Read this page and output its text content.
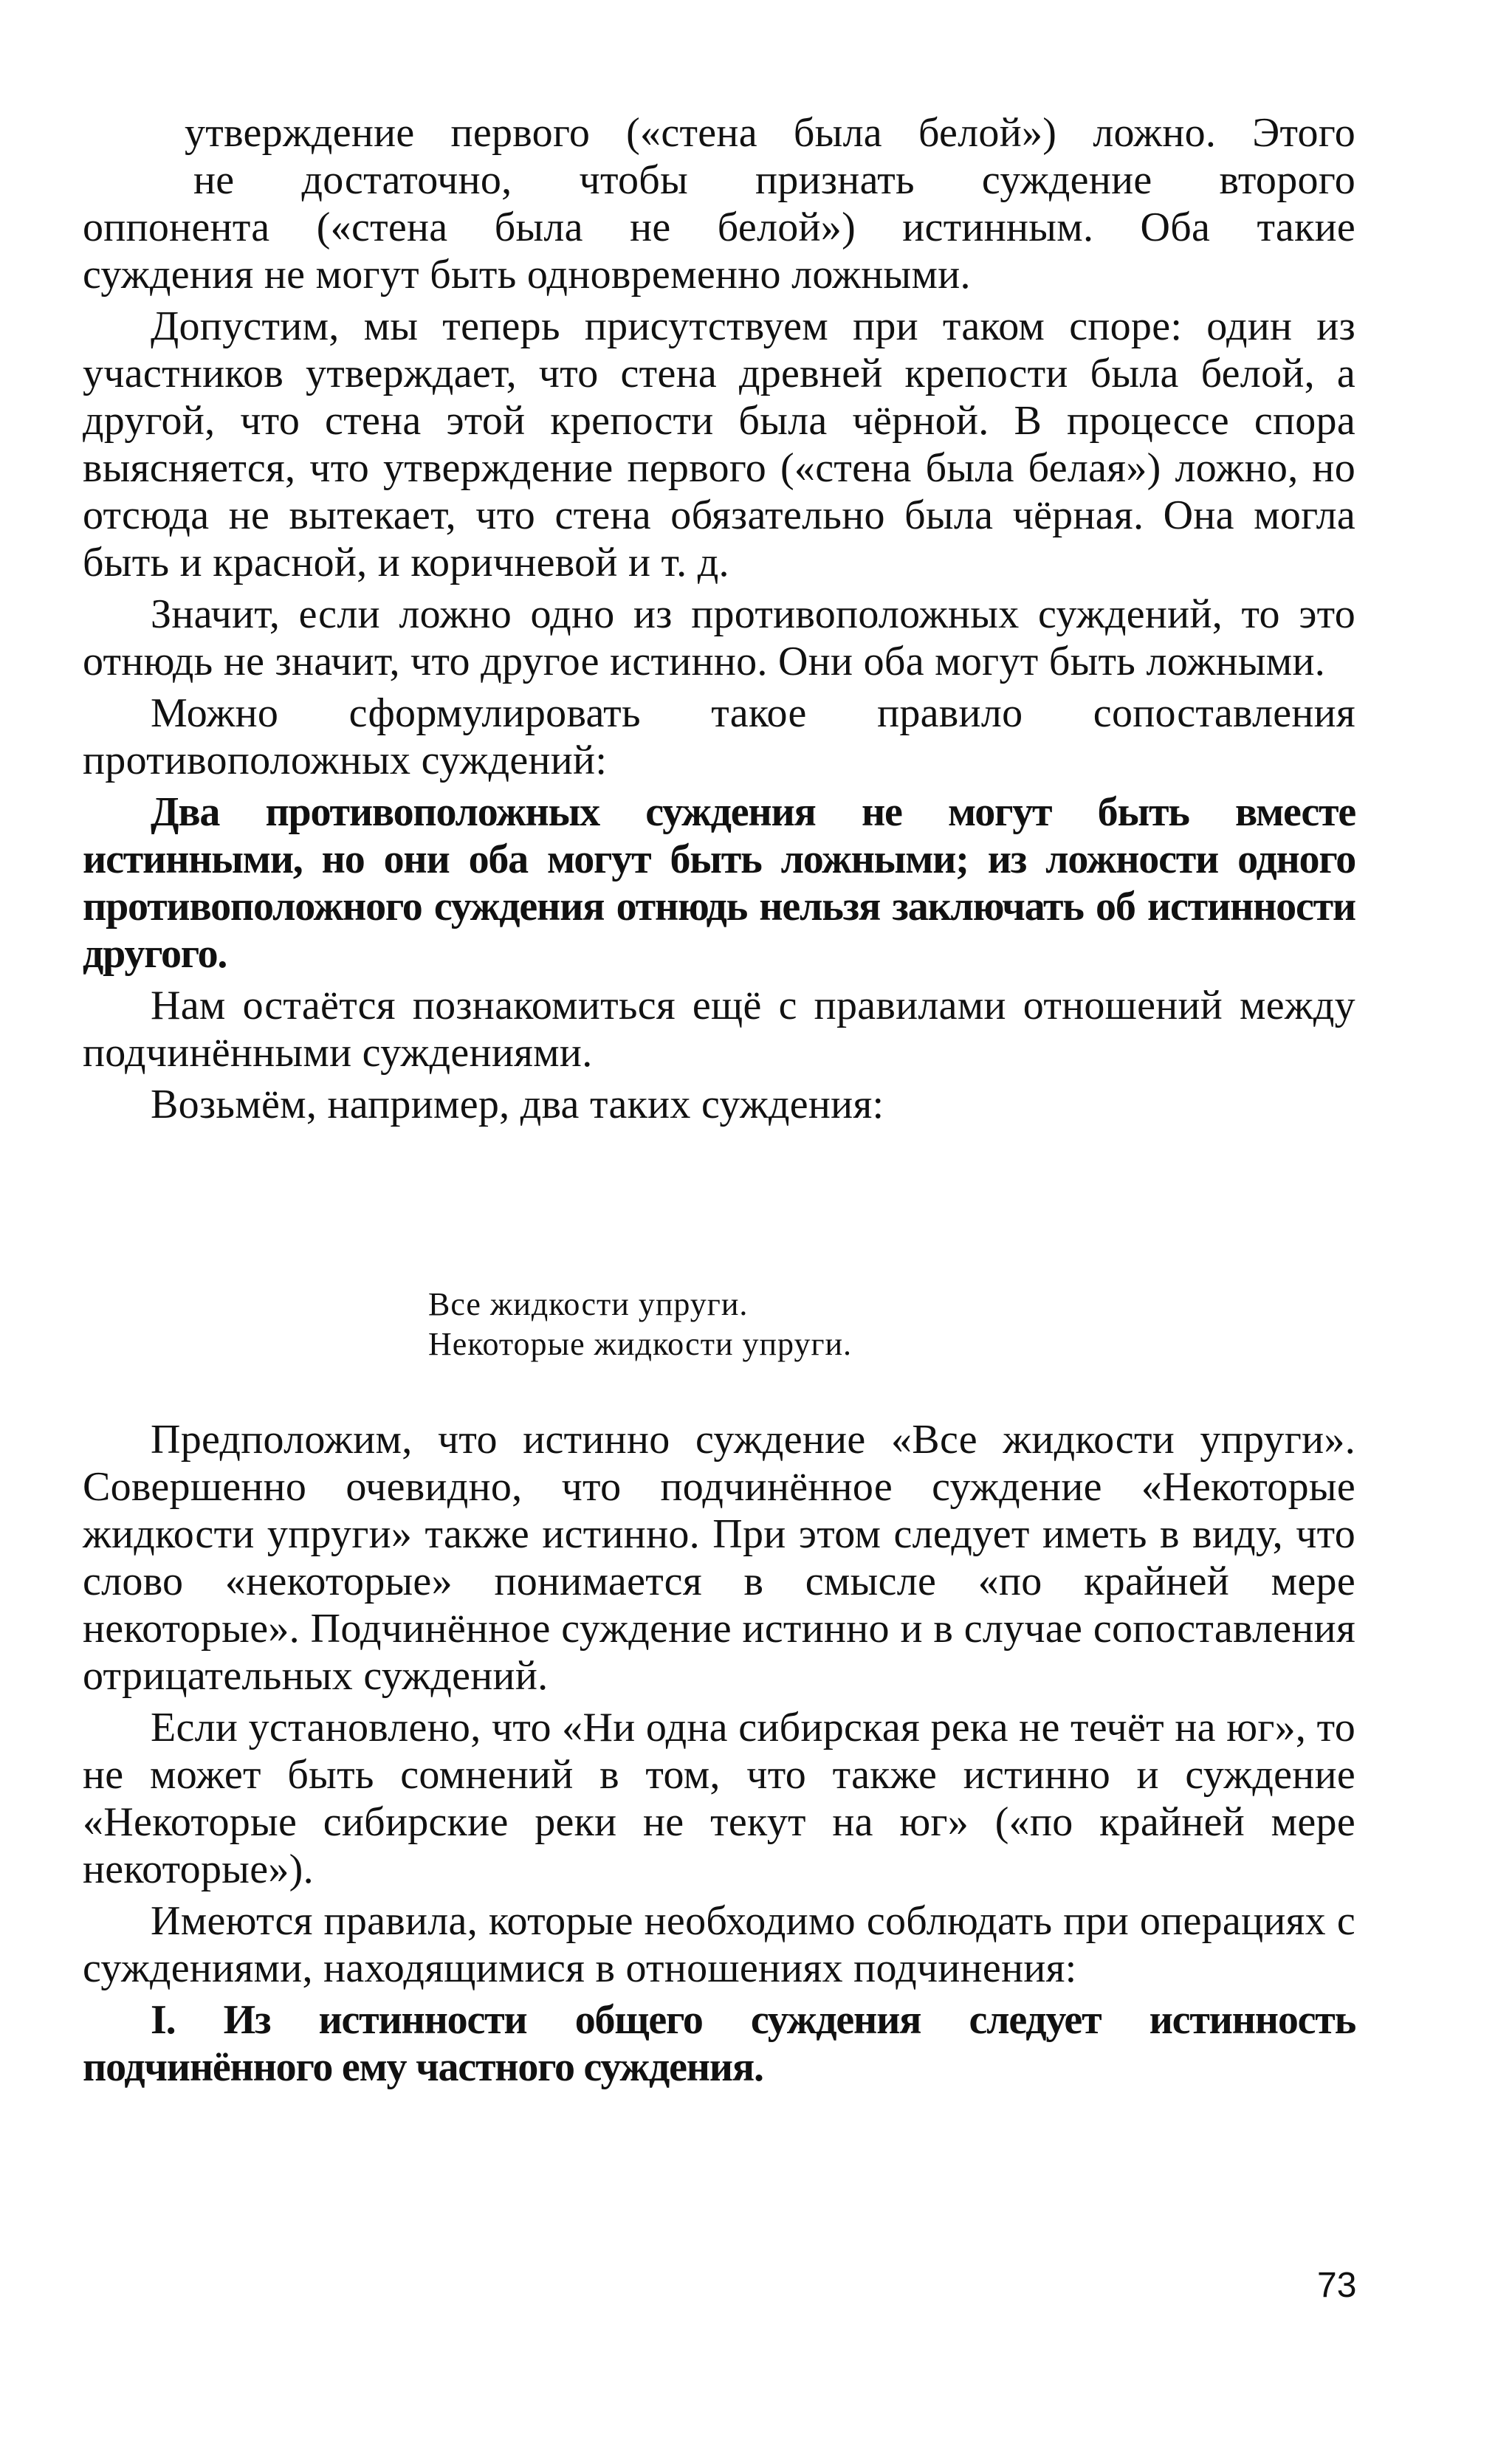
утверждение первого («стена была белой») ложно. Этого
не достаточно, чтобы признать суждение второго
оппонента («стена была не белой») истинным. Оба такие
суждения не могут быть одновременно ложными.

Допустим, мы теперь присутствуем при таком споре: один из участников утверждает, что стена древней крепости была белой, а другой, что стена этой крепости была чёрной. В процессе спора выясняется, что утверждение первого («стена была белая») ложно, но отсюда не вытекает, что стена обязательно была чёрная. Она могла быть и красной, и коричневой и т. д.

Значит, если ложно одно из противоположных суждений, то это отнюдь не значит, что другое истинно. Они оба могут быть ложными.

Можно сформулировать такое правило сопоставления противоположных суждений:

Два противоположных суждения не могут быть вместе истинными, но они оба могут быть ложными; из ложности одного противоположного суждения отнюдь нельзя заключать об истинности другого.

Нам остаётся познакомиться ещё с правилами отношений между подчинёнными суждениями.

Возьмём, например, два таких суждения:

Все жидкости упруги.
Некоторые жидкости упруги.

Предположим, что истинно суждение «Все жидкости упруги». Совершенно очевидно, что подчинённое суждение «Некоторые жидкости упруги» также истинно. При этом следует иметь в виду, что слово «некоторые» понимается в смысле «по крайней мере некоторые». Подчинённое суждение истинно и в случае сопоставления отрицательных суждений.

Если установлено, что «Ни одна сибирская река не течёт на юг», то не может быть сомнений в том, что также истинно и суждение «Некоторые сибирские реки не текут на юг» («по крайней мере некоторые»).

Имеются правила, которые необходимо соблюдать при операциях с суждениями, находящимися в отношениях подчинения:

I. Из истинности общего суждения следует истинность подчинённого ему частного суждения.

73
